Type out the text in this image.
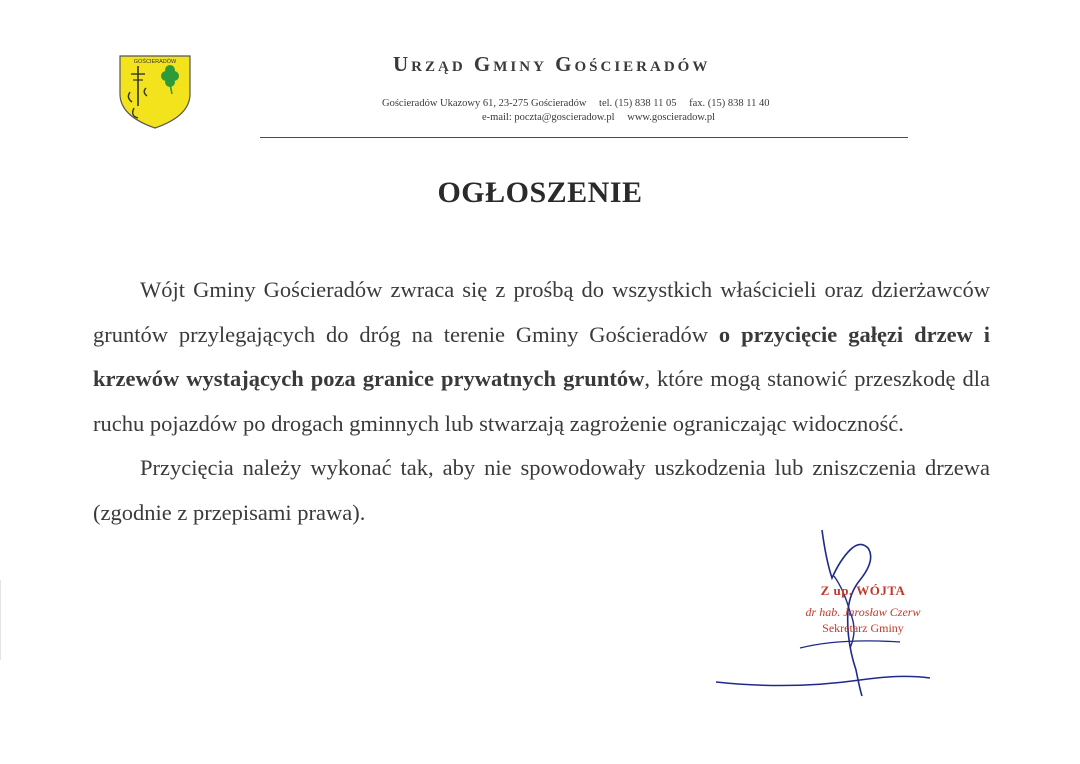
GOŚCIERADÓW	Urząd Gminy Gościeradów
Gościeradów Ukazowy 61, 23-275 Gościeradów tel. (15) 838 11 05 fax. (15) 838 11 40
e-mail: poczta@goscieradow.pl www.goscieradow.pl
OGŁOSZENIE

Wójt Gminy Gościeradów zwraca się z prośbą do wszystkich właścicieli oraz dzierżawców gruntów przylegających do dróg na terenie Gminy Gościeradów o przycięcie gałęzi drzew i krzewów wystających poza granice prywatnych gruntów, które mogą stanowić przeszkodę dla ruchu pojazdów po drogach gminnych lub stwarzają zagrożenie ograniczając widoczność.

Przycięcia należy wykonać tak, aby nie spowodowały uszkodzenia lub zniszczenia drzewa (zgodnie z przepisami prawa).

Z up. WÓJTA
dr hab. Jarosław Czerw
Sekretarz Gminy
